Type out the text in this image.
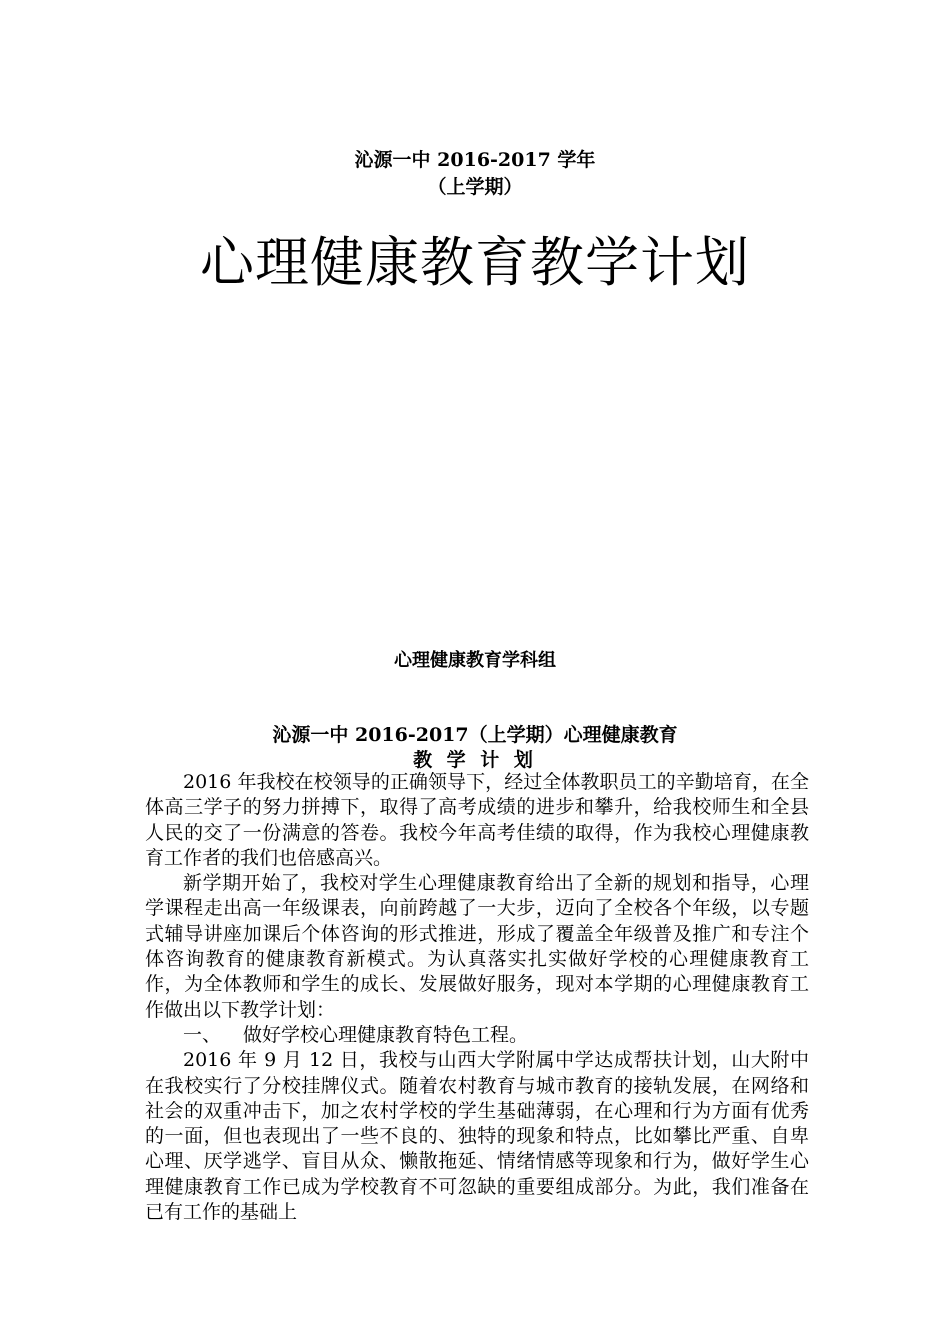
沁源一中 2016-2017 学年
（上学期）
心理健康教育教学计划
心理健康教育学科组
沁源一中 2016-2017（上学期）心理健康教育
教 学 计 划

2016 年我校在校领导的正确领导下，经过全体教职员工的辛勤培育，在全体高三学子的努力拼搏下，取得了高考成绩的进步和攀升，给我校师生和全县人民的交了一份满意的答卷。我校今年高考佳绩的取得，作为我校心理健康教育工作者的我们也倍感高兴。

新学期开始了，我校对学生心理健康教育给出了全新的规划和指导，心理学课程走出高一年级课表，向前跨越了一大步，迈向了全校各个年级，以专题式辅导讲座加课后个体咨询的形式推进，形成了覆盖全年级普及推广和专注个体咨询教育的健康教育新模式。为认真落实扎实做好学校的心理健康教育工作，为全体教师和学生的成长、发展做好服务，现对本学期的心理健康教育工作做出以下教学计划：

一、 做好学校心理健康教育特色工程。

2016 年 9 月 12 日，我校与山西大学附属中学达成帮扶计划，山大附中在我校实行了分校挂牌仪式。随着农村教育与城市教育的接轨发展，在网络和社会的双重冲击下，加之农村学校的学生基础薄弱，在心理和行为方面有优秀的一面，但也表现出了一些不良的、独特的现象和特点，比如攀比严重、自卑心理、厌学逃学、盲目从众、懒散拖延、情绪情感等现象和行为，做好学生心理健康教育工作已成为学校教育不可忽缺的重要组成部分。为此，我们准备在已有工作的基础上
